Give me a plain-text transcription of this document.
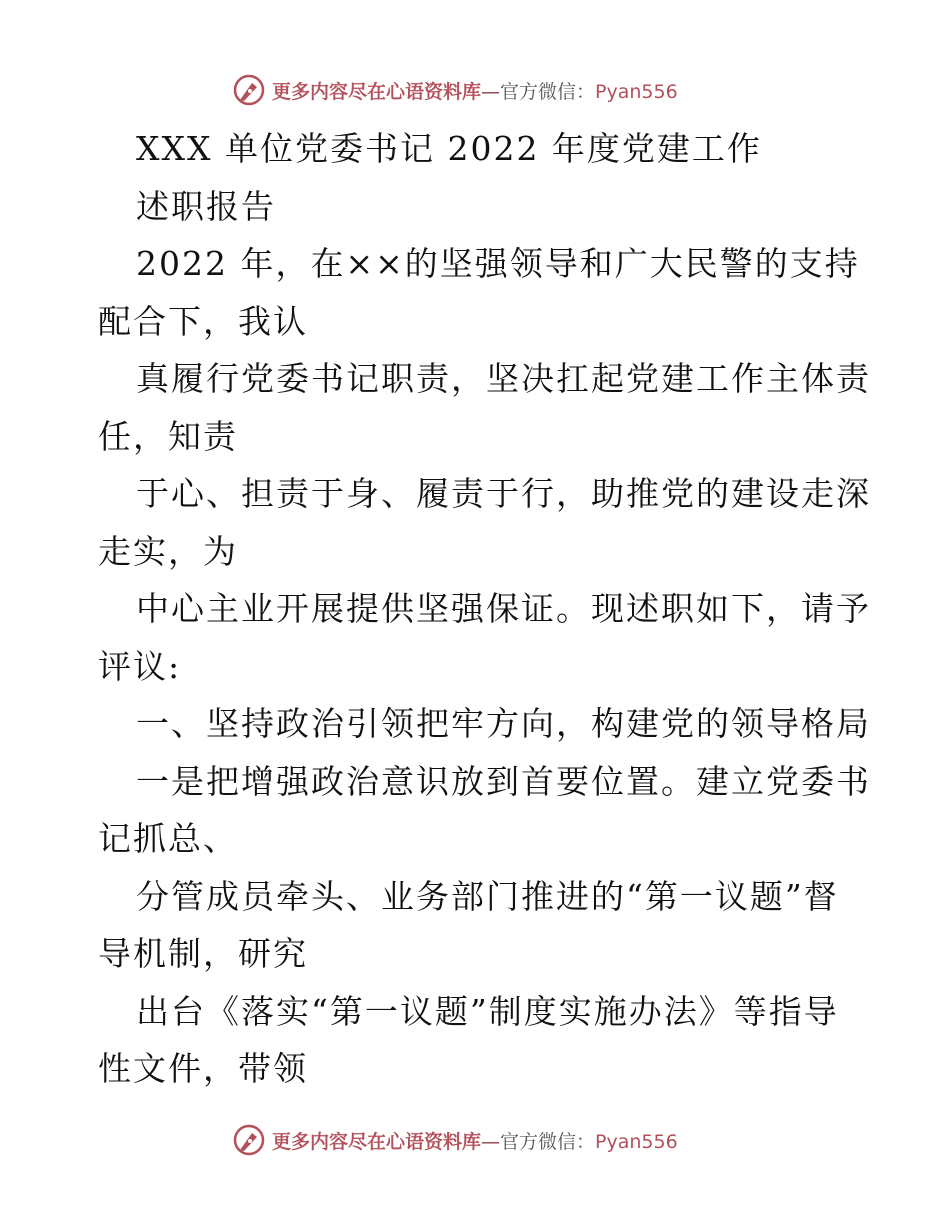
更多内容尽在心语资料库—官方微信：Pyan556
XXX 单位党委书记 2022 年度党建工作
述职报告
2022 年，在××的坚强领导和广大民警的支持
配合下，我认
真履行党委书记职责，坚决扛起党建工作主体责
任，知责
于心、担责于身、履责于行，助推党的建设走深
走实，为
中心主业开展提供坚强保证。现述职如下，请予
评议:
一、坚持政治引领把牢方向，构建党的领导格局
一是把增强政治意识放到首要位置。建立党委书
记抓总、
分管成员牵头、业务部门推进的“第一议题”督
导机制，研究
出台《落实“第一议题”制度实施办法》等指导
性文件，带领
更多内容尽在心语资料库—官方微信：Pyan556
